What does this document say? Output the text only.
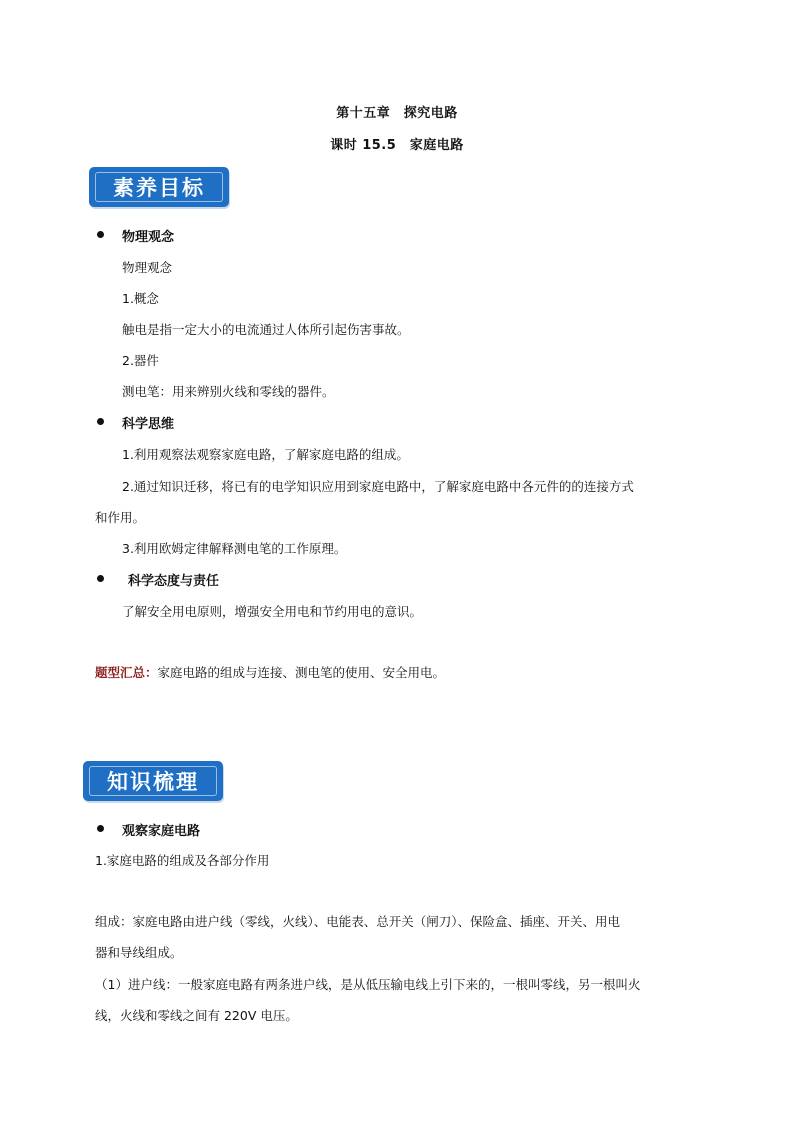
第十五章　探究电路

课时 15.5　家庭电路

素养目标

物理观念

物理观念

1.概念

触电是指一定大小的电流通过人体所引起伤害事故。

2.器件

测电笔：用来辨别火线和零线的器件。

科学思维

1.利用观察法观察家庭电路，了解家庭电路的组成。

2.通过知识迁移，将已有的电学知识应用到家庭电路中，了解家庭电路中各元件的的连接方式

和作用。

3.利用欧姆定律解释测电笔的工作原理。

科学态度与责任

了解安全用电原则，增强安全用电和节约用电的意识。

题型汇总：家庭电路的组成与连接、测电笔的使用、安全用电。

知识梳理

观察家庭电路

1.家庭电路的组成及各部分作用

组成：家庭电路由进户线（零线，火线）、电能表、总开关（闸刀）、保险盒、插座、开关、用电

器和导线组成。

（1）进户线：一般家庭电路有两条进户线，是从低压输电线上引下来的，一根叫零线，另一根叫火

线，火线和零线之间有 220V 电压。
